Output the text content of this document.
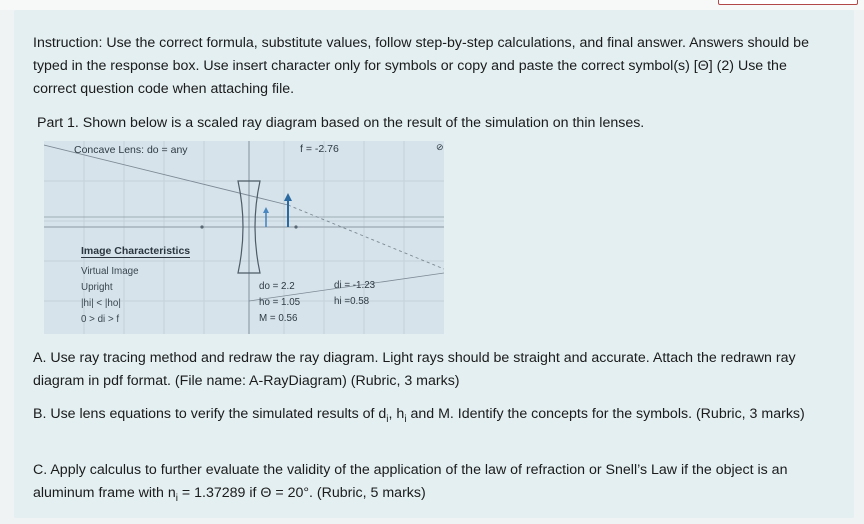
Instruction: Use the correct formula, substitute values, follow step-by-step calculations, and final answer. Answers should be typed in the response box. Use insert character only for symbols or copy and paste the correct symbol(s) [Θ] (2) Use the correct question code when attaching file.

Part 1. Shown below is a scaled ray diagram based on the result of the simulation on thin lenses.

Concave Lens: do = any	f = -2.76	⊘
Image Characteristics
Virtual Image
Upright
|hi| < |ho|
0 > di > f
do = 2.2
ho = 1.05
M = 0.56
di = -1.23
hi =0.58

A. Use ray tracing method and redraw the ray diagram. Light rays should be straight and accurate. Attach the redrawn ray diagram in pdf format. (File name: A-RayDiagram) (Rubric, 3 marks)

B. Use lens equations to verify the simulated results of $d_i$, $h_i$ and M. Identify the concepts for the symbols. (Rubric, 3 marks)

C. Apply calculus to further evaluate the validity of the application of the law of refraction or Snell’s Law if the object is an aluminum frame with $n_i = 1.37289$ if Θ = 20°. (Rubric, 5 marks)
